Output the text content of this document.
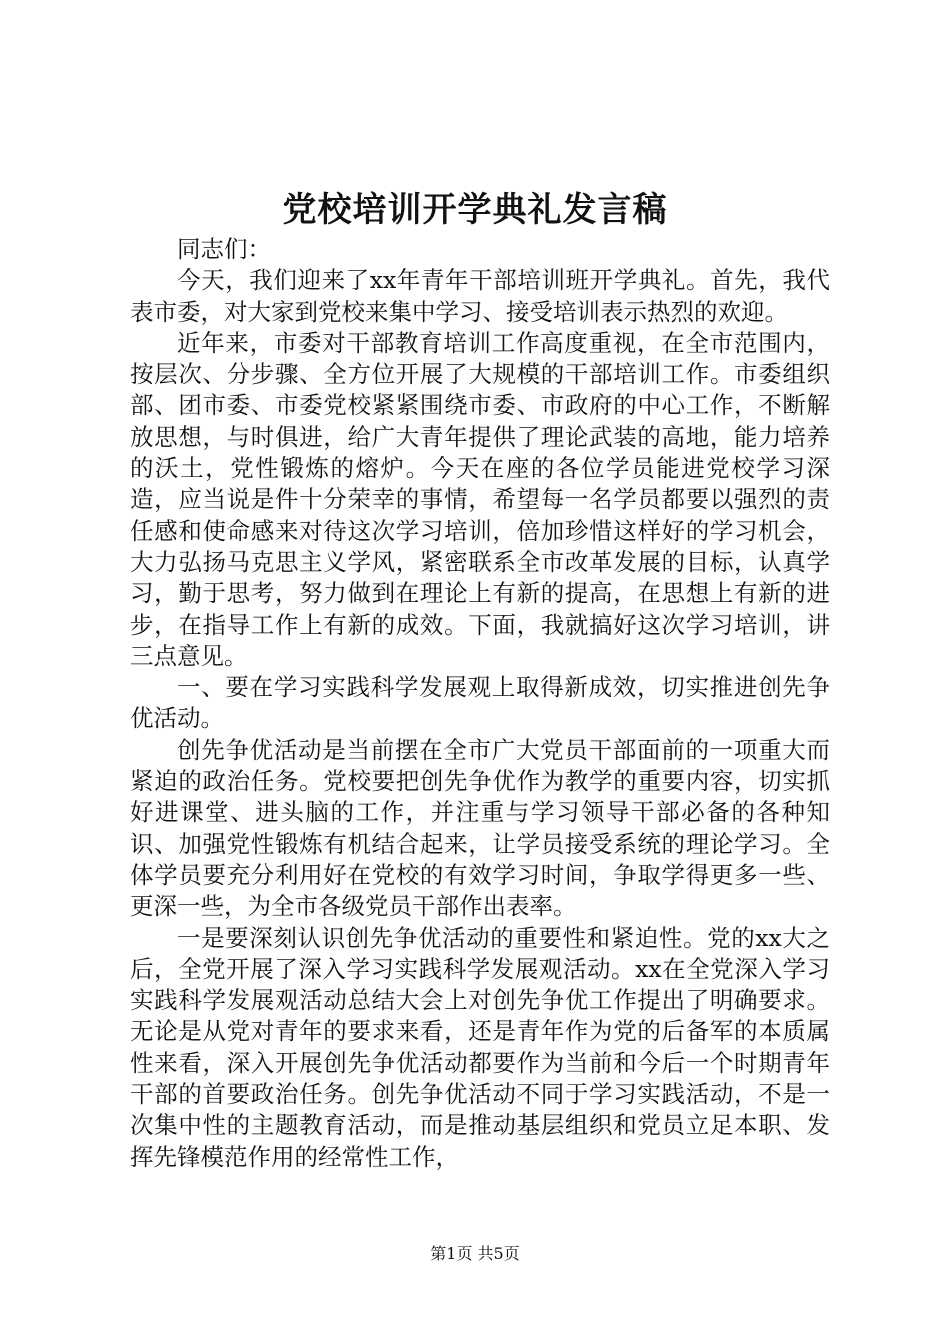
党校培训开学典礼发言稿

同志们：

今天，我们迎来了xx年青年干部培训班开学典礼。首先，我代表市委，对大家到党校来集中学习、接受培训表示热烈的欢迎。

近年来，市委对干部教育培训工作高度重视，在全市范围内，按层次、分步骤、全方位开展了大规模的干部培训工作。市委组织部、团市委、市委党校紧紧围绕市委、市政府的中心工作，不断解放思想，与时俱进，给广大青年提供了理论武装的高地，能力培养的沃土，党性锻炼的熔炉。今天在座的各位学员能进党校学习深造，应当说是件十分荣幸的事情，希望每一名学员都要以强烈的责任感和使命感来对待这次学习培训，倍加珍惜这样好的学习机会，大力弘扬马克思主义学风，紧密联系全市改革发展的目标，认真学习，勤于思考，努力做到在理论上有新的提高，在思想上有新的进步，在指导工作上有新的成效。下面，我就搞好这次学习培训，讲三点意见。

一、要在学习实践科学发展观上取得新成效，切实推进创先争优活动。

创先争优活动是当前摆在全市广大党员干部面前的一项重大而紧迫的政治任务。党校要把创先争优作为教学的重要内容，切实抓好进课堂、进头脑的工作，并注重与学习领导干部必备的各种知识、加强党性锻炼有机结合起来，让学员接受系统的理论学习。全体学员要充分利用好在党校的有效学习时间，争取学得更多一些、更深一些，为全市各级党员干部作出表率。

一是要深刻认识创先争优活动的重要性和紧迫性。党的xx大之后，全党开展了深入学习实践科学发展观活动。xx在全党深入学习实践科学发展观活动总结大会上对创先争优工作提出了明确要求。无论是从党对青年的要求来看，还是青年作为党的后备军的本质属性来看，深入开展创先争优活动都要作为当前和今后一个时期青年干部的首要政治任务。创先争优活动不同于学习实践活动，不是一次集中性的主题教育活动，而是推动基层组织和党员立足本职、发挥先锋模范作用的经常性工作，

第1页 共5页
